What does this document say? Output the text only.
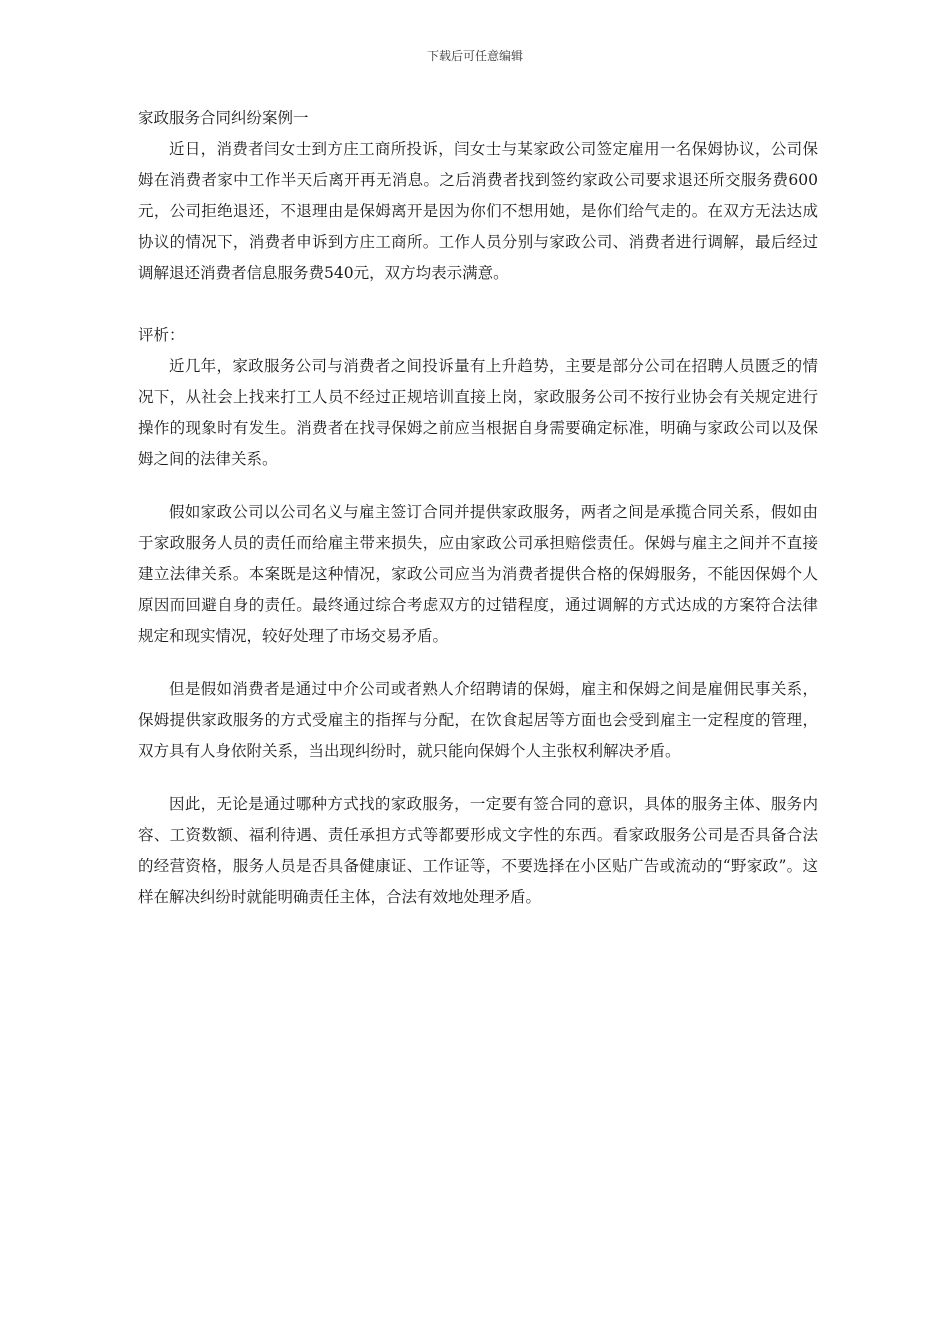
下载后可任意编辑

家政服务合同纠纷案例一

近日，消费者闫女士到方庄工商所投诉，闫女士与某家政公司签定雇用一名保姆协议，公司保姆在消费者家中工作半天后离开再无消息。之后消费者找到签约家政公司要求退还所交服务费600元，公司拒绝退还，不退理由是保姆离开是因为你们不想用她，是你们给气走的。在双方无法达成协议的情况下，消费者申诉到方庄工商所。工作人员分别与家政公司、消费者进行调解，最后经过调解退还消费者信息服务费540元，双方均表示满意。

评析：

近几年，家政服务公司与消费者之间投诉量有上升趋势，主要是部分公司在招聘人员匮乏的情况下，从社会上找来打工人员不经过正规培训直接上岗，家政服务公司不按行业协会有关规定进行操作的现象时有发生。消费者在找寻保姆之前应当根据自身需要确定标准，明确与家政公司以及保姆之间的法律关系。

假如家政公司以公司名义与雇主签订合同并提供家政服务，两者之间是承揽合同关系，假如由于家政服务人员的责任而给雇主带来损失，应由家政公司承担赔偿责任。保姆与雇主之间并不直接建立法律关系。本案既是这种情况，家政公司应当为消费者提供合格的保姆服务，不能因保姆个人原因而回避自身的责任。最终通过综合考虑双方的过错程度，通过调解的方式达成的方案符合法律规定和现实情况，较好处理了市场交易矛盾。

但是假如消费者是通过中介公司或者熟人介绍聘请的保姆，雇主和保姆之间是雇佣民事关系，保姆提供家政服务的方式受雇主的指挥与分配，在饮食起居等方面也会受到雇主一定程度的管理，双方具有人身依附关系，当出现纠纷时，就只能向保姆个人主张权利解决矛盾。

因此，无论是通过哪种方式找的家政服务，一定要有签合同的意识，具体的服务主体、服务内容、工资数额、福利待遇、责任承担方式等都要形成文字性的东西。看家政服务公司是否具备合法的经营资格，服务人员是否具备健康证、工作证等，不要选择在小区贴广告或流动的“野家政”。这样在解决纠纷时就能明确责任主体，合法有效地处理矛盾。
